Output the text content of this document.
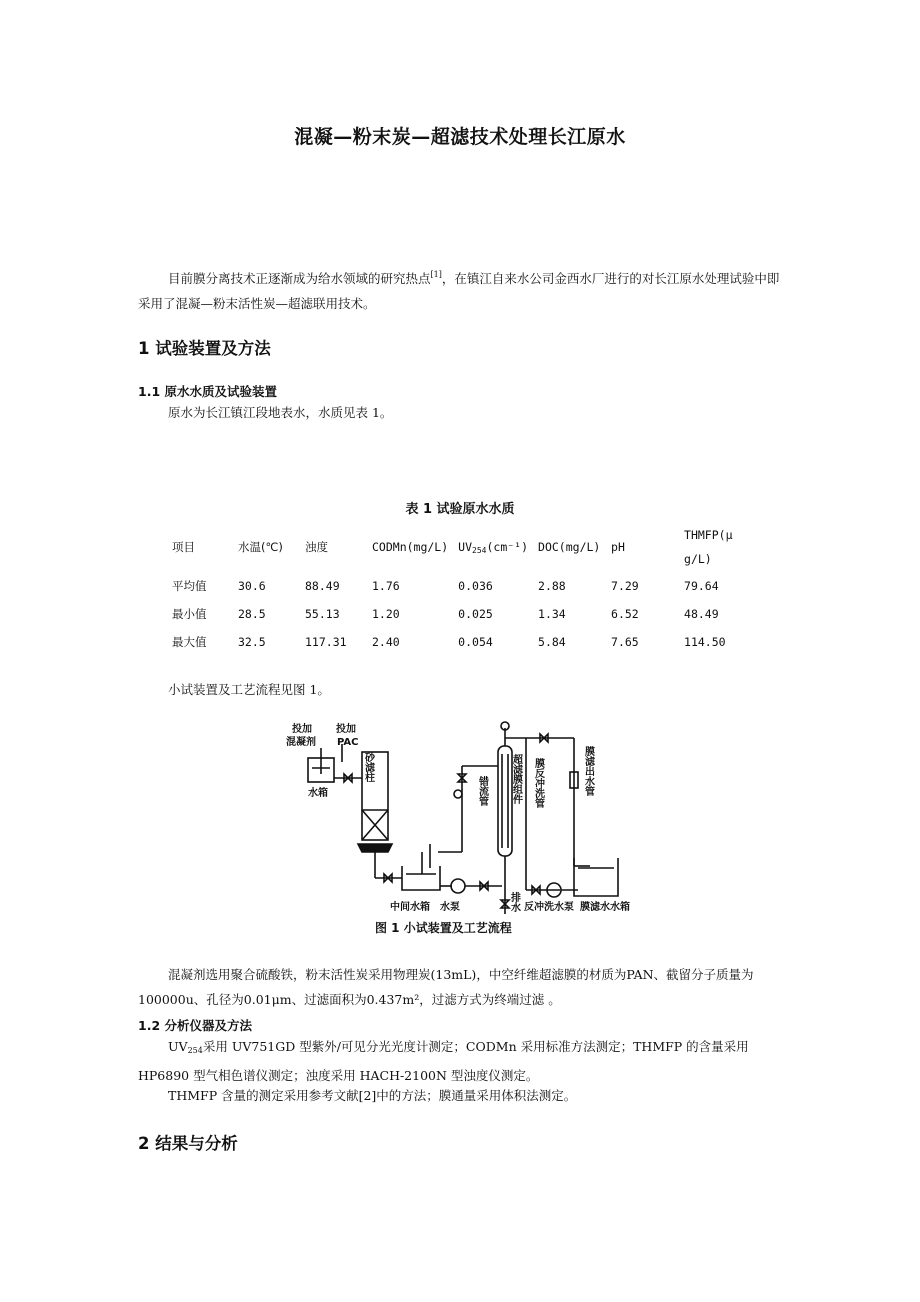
混凝—粉末炭—超滤技术处理长江原水
目前膜分离技术正逐渐成为给水领域的研究热点[1]，在镇江自来水公司金西水厂进行的对长江原水处理试验中即采用了混凝—粉末活性炭—超滤联用技术。
1 试验装置及方法
1.1 原水水质及试验装置
原水为长江镇江段地表水，水质见表 1。
表 1 试验原水水质
项目	水温(℃)	浊度	CODMn(mg/L)	$UV_{254}(cm^{-1})$	DOC(mg/L)	pH	THMFP(μ
g/L)

平均值	30.6	88.49	1.76	0.036	2.88	7.29	79.64
最小值	28.5	55.13	1.20	0.025	1.34	6.52	48.49
最大值	32.5	117.31	2.40	0.054	5.84	7.65	114.50
小试装置及工艺流程见图 1。
投加
混凝剂
投加
PAC
水箱
砂滤柱
错流管 超滤膜组件 膜反冲洗管	膜滤出水管
中间水箱 水泵	排水 反冲洗水泵 膜滤水水箱
图 1 小试装置及工艺流程
混凝剂选用聚合硫酸铁，粉末活性炭采用物理炭(13mL)，中空纤维超滤膜的材质为PAN、截留分子质量为100000u、孔径为0.01μm、过滤面积为0.437m²，过滤方式为终端过滤 。
1.2 分析仪器及方法
$UV_{254}$采用 UV751GD 型紫外/可见分光光度计测定；CODMn 采用标准方法测定；THMFP 的含量采用 HP6890 型气相色谱仪测定；浊度采用 HACH-2100N 型浊度仪测定。
THMFP 含量的测定采用参考文献[2]中的方法；膜通量采用体积法测定。
2 结果与分析
